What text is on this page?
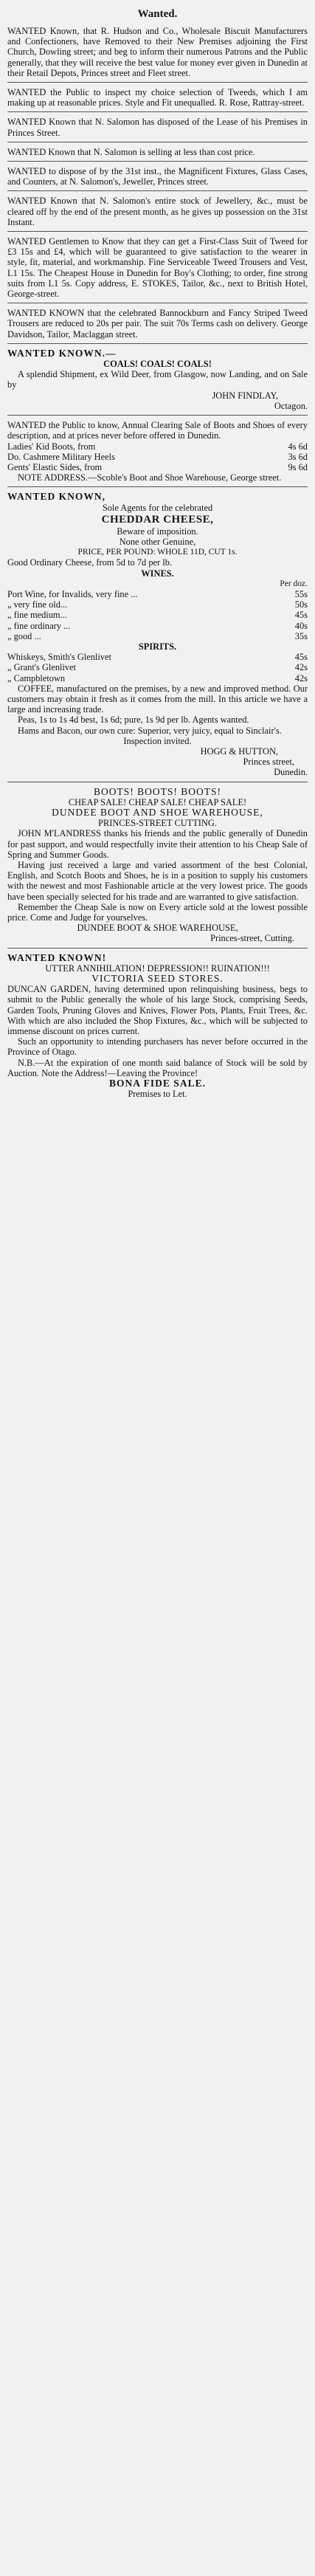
Wanted.
WANTED Known, that R. Hudson and Co., Wholesale Biscuit Manufacturers and Confectioners, have Removed to their New Premises adjoining the First Church, Dowling street; and beg to inform their numerous Patrons and the Public generally, that they will receive the best value for money ever given in Dunedin at their Retail Depots, Princes street and Fleet street.
WANTED the Public to inspect my choice selection of Tweeds, which I am making up at reasonable prices. Style and Fit unequalled. R. Rose, Rattray-street.
WANTED Known that N. Salomon has disposed of the Lease of his Premises in Princes Street.
WANTED Known that N. Salomon is selling at less than cost price.
WANTED to dispose of by the 31st inst., the Magnificent Fixtures, Glass Cases, and Counters, at N. Salomon's, Jeweller, Princes street.
WANTED Known that N. Salomon's entire stock of Jewellery, &c., must be cleared off by the end of the present month, as he gives up possession on the 31st Instant.
WANTED Gentlemen to Know that they can get a First-Class Suit of Tweed for £3 15s and £4, which will be guaranteed to give satisfaction to the wearer in style, fit, material, and workmanship. Fine Serviceable Tweed Trousers and Vest, L1 15s. The Cheapest House in Dunedin for Boy's Clothing; to order, fine strong suits from L1 5s. Copy address, E. STOKES, Tailor, &c., next to British Hotel, George-street.
WANTED KNOWN that the celebrated Bannockburn and Fancy Striped Tweed Trousers are reduced to 20s per pair. The suit 70s Terms cash on delivery. George Davidson, Tailor, Maclaggan street.
WANTED KNOWN.—
COALS! COALS! COALS!
A splendid Shipment, ex Wild Deer, from Glasgow, now Landing, and on Sale by
JOHN FINDLAY,
Octagon.
WANTED the Public to know, Annual Clearing Sale of Boots and Shoes of every description, and at prices never before offered in Dunedin.
Ladies' Kid Boots, from	4s 6d
Do. Cashmere Military Heels	3s 6d
Gents' Elastic Sides, from	9s 6d
NOTE ADDRESS.—Scoble's Boot and Shoe Warehouse, George street.
WANTED KNOWN,
Sole Agents for the celebrated
CHEDDAR CHEESE,
Beware of imposition.
None other Genuine,
PRICE, PER POUND: WHOLE 11D, CUT 1s.
Good Ordinary Cheese, from 5d to 7d per lb.
WINES.
Per doz.
Port Wine, for Invalids, very fine ...	55s
„ very fine old...	50s
„ fine medium...	45s
„ fine ordinary ...	40s
„ good ...	35s
SPIRITS.
Whiskeys, Smith's Glenlivet	45s
„ Grant's Glenlivet	42s
„ Campbletown	42s
COFFEE, manufactured on the premises, by a new and improved method. Our customers may obtain it fresh as it comes from the mill. In this article we have a large and increasing trade.
Peas, 1s to 1s 4d best, 1s 6d; pure, 1s 9d per lb. Agents wanted.
Hams and Bacon, our own cure: Superior, very juicy, equal to Sinclair's.
Inspection invited.
HOGG & HUTTON,
Princes street,
Dunedin.
BOOTS! BOOTS! BOOTS!
CHEAP SALE! CHEAP SALE! CHEAP SALE!
DUNDEE BOOT AND SHOE WAREHOUSE,
PRINCES-STREET CUTTING.
JOHN M'LANDRESS thanks his friends and the public generally of Dunedin for past support, and would respectfully invite their attention to his Cheap Sale of Spring and Summer Goods.
Having just received a large and varied assortment of the best Colonial, English, and Scotch Boots and Shoes, he is in a position to supply his customers with the newest and most Fashionable article at the very lowest price. The goods have been specially selected for his trade and are warranted to give satisfaction.
Remember the Cheap Sale is now on Every article sold at the lowest possible price. Come and Judge for yourselves.
DUNDEE BOOT & SHOE WAREHOUSE,
Princes-street, Cutting.
WANTED KNOWN!
UTTER ANNIHILATION! DEPRESSION!! RUINATION!!!
VICTORIA SEED STORES.
DUNCAN GARDEN, having determined upon relinquishing business, begs to submit to the Public generally the whole of his large Stock, comprising Seeds, Garden Tools, Pruning Gloves and Knives, Flower Pots, Plants, Fruit Trees, &c. With which are also included the Shop Fixtures, &c., which will be subjected to immense discount on prices current.
Such an opportunity to intending purchasers has never before occurred in the Province of Otago.
N.B.—At the expiration of one month said balance of Stock will be sold by Auction. Note the Address!—Leaving the Province!
BONA FIDE SALE.
Premises to Let.
